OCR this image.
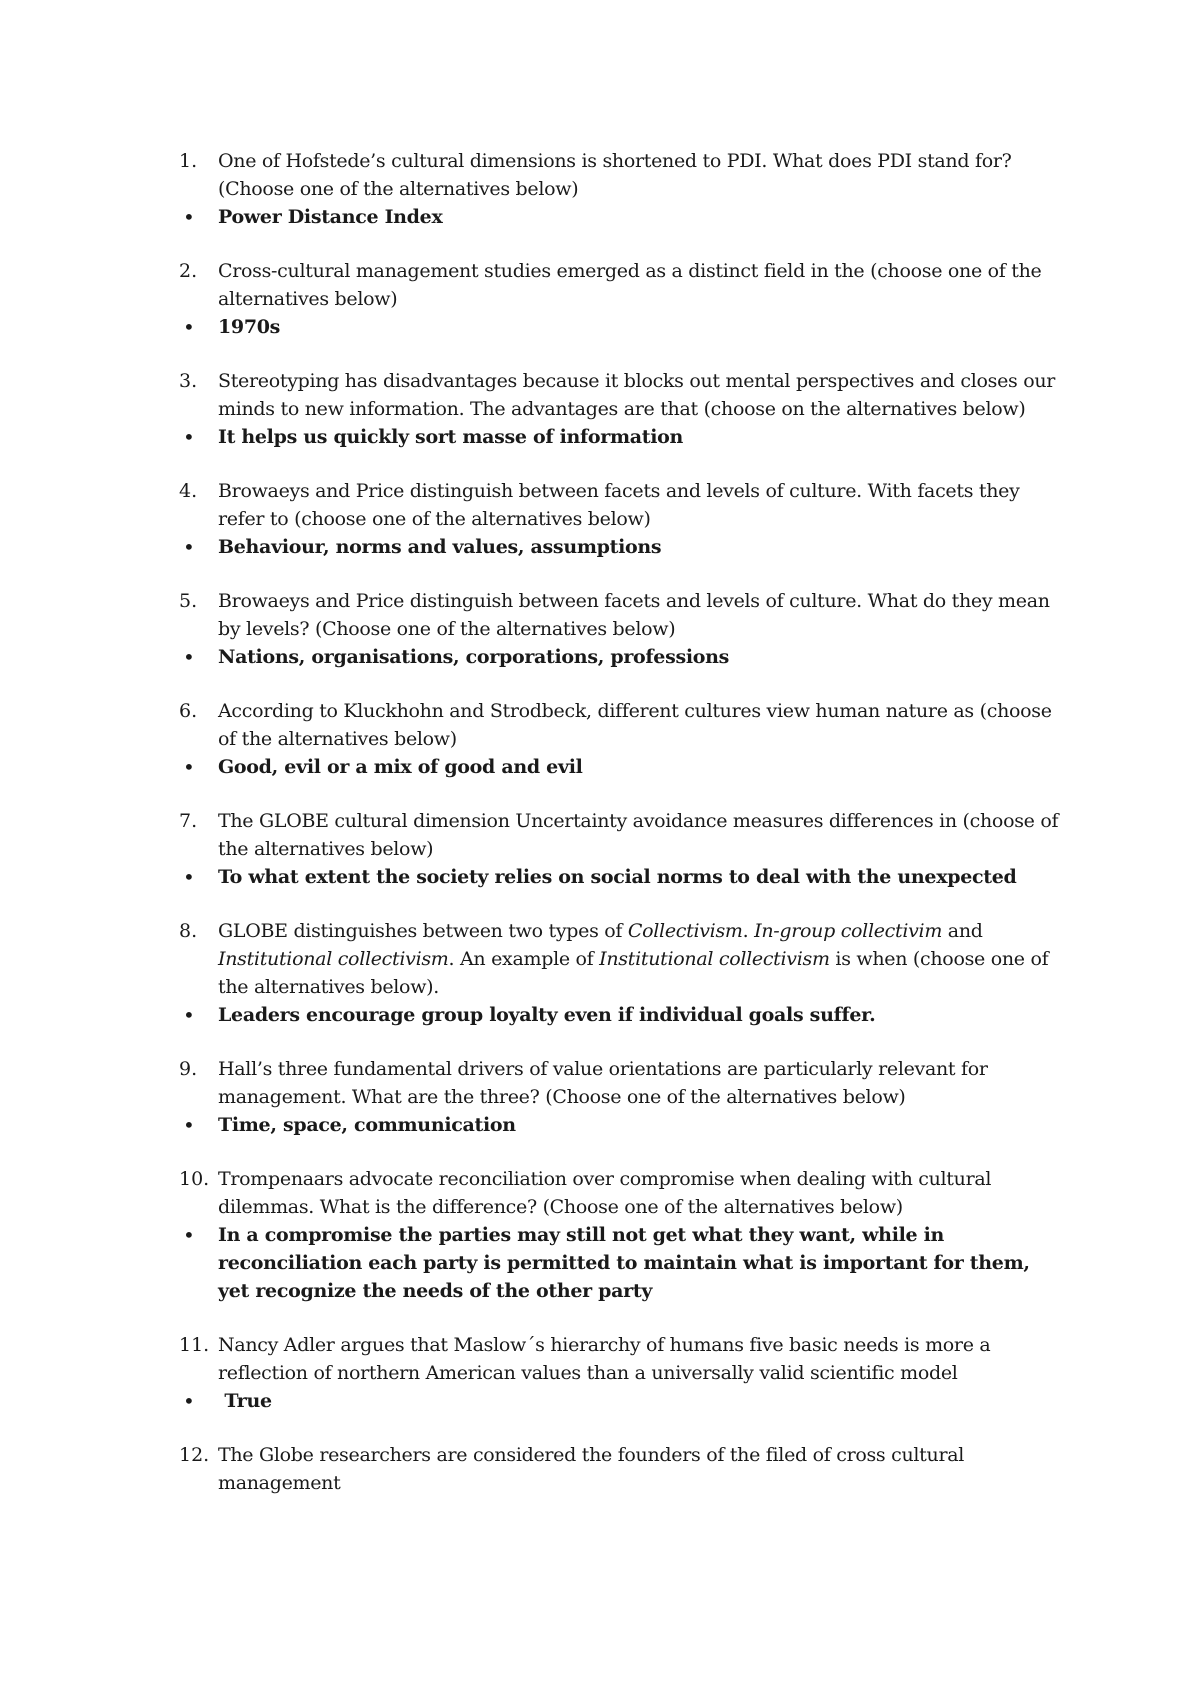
1.	One of Hofstede’s cultural dimensions is shortened to PDI. What does PDI stand for? (Choose one of the alternatives below)
•	Power Distance Index
2.	Cross-cultural management studies emerged as a distinct field in the (choose one of the alternatives below)
•	1970s
3.	Stereotyping has disadvantages because it blocks out mental perspectives and closes our minds to new information. The advantages are that (choose on the alternatives below)
•	It helps us quickly sort masse of information
4.	Browaeys and Price distinguish between facets and levels of culture. With facets they refer to (choose one of the alternatives below)
•	Behaviour, norms and values, assumptions
5.	Browaeys and Price distinguish between facets and levels of culture. What do they mean by levels? (Choose one of the alternatives below)
•	Nations, organisations, corporations, professions
6.	According to Kluckhohn and Strodbeck, different cultures view human nature as (choose of the alternatives below)
•	Good, evil or a mix of good and evil
7.	The GLOBE cultural dimension Uncertainty avoidance measures differences in (choose of the alternatives below)
•	To what extent the society relies on social norms to deal with the unexpected
8.	GLOBE distinguishes between two types of Collectivism. In-group collectivim and Institutional collectivism. An example of Institutional collectivism is when (choose one of the alternatives below).
•	Leaders encourage group loyalty even if individual goals suffer.
9.	Hall’s three fundamental drivers of value orientations are particularly relevant for management. What are the three? (Choose one of the alternatives below)
•	Time, space, communication
10. Trompenaars advocate reconciliation over compromise when dealing with cultural dilemmas. What is the difference? (Choose one of the alternatives below)
•	In a compromise the parties may still not get what they want, while in reconciliation each party is permitted to maintain what is important for them, yet recognize the needs of the other party
11. Nancy Adler argues that Maslow´s hierarchy of humans five basic needs is more a reflection of northern American values than a universally valid scientific model
•	True
12. The Globe researchers are considered the founders of the filed of cross cultural management
